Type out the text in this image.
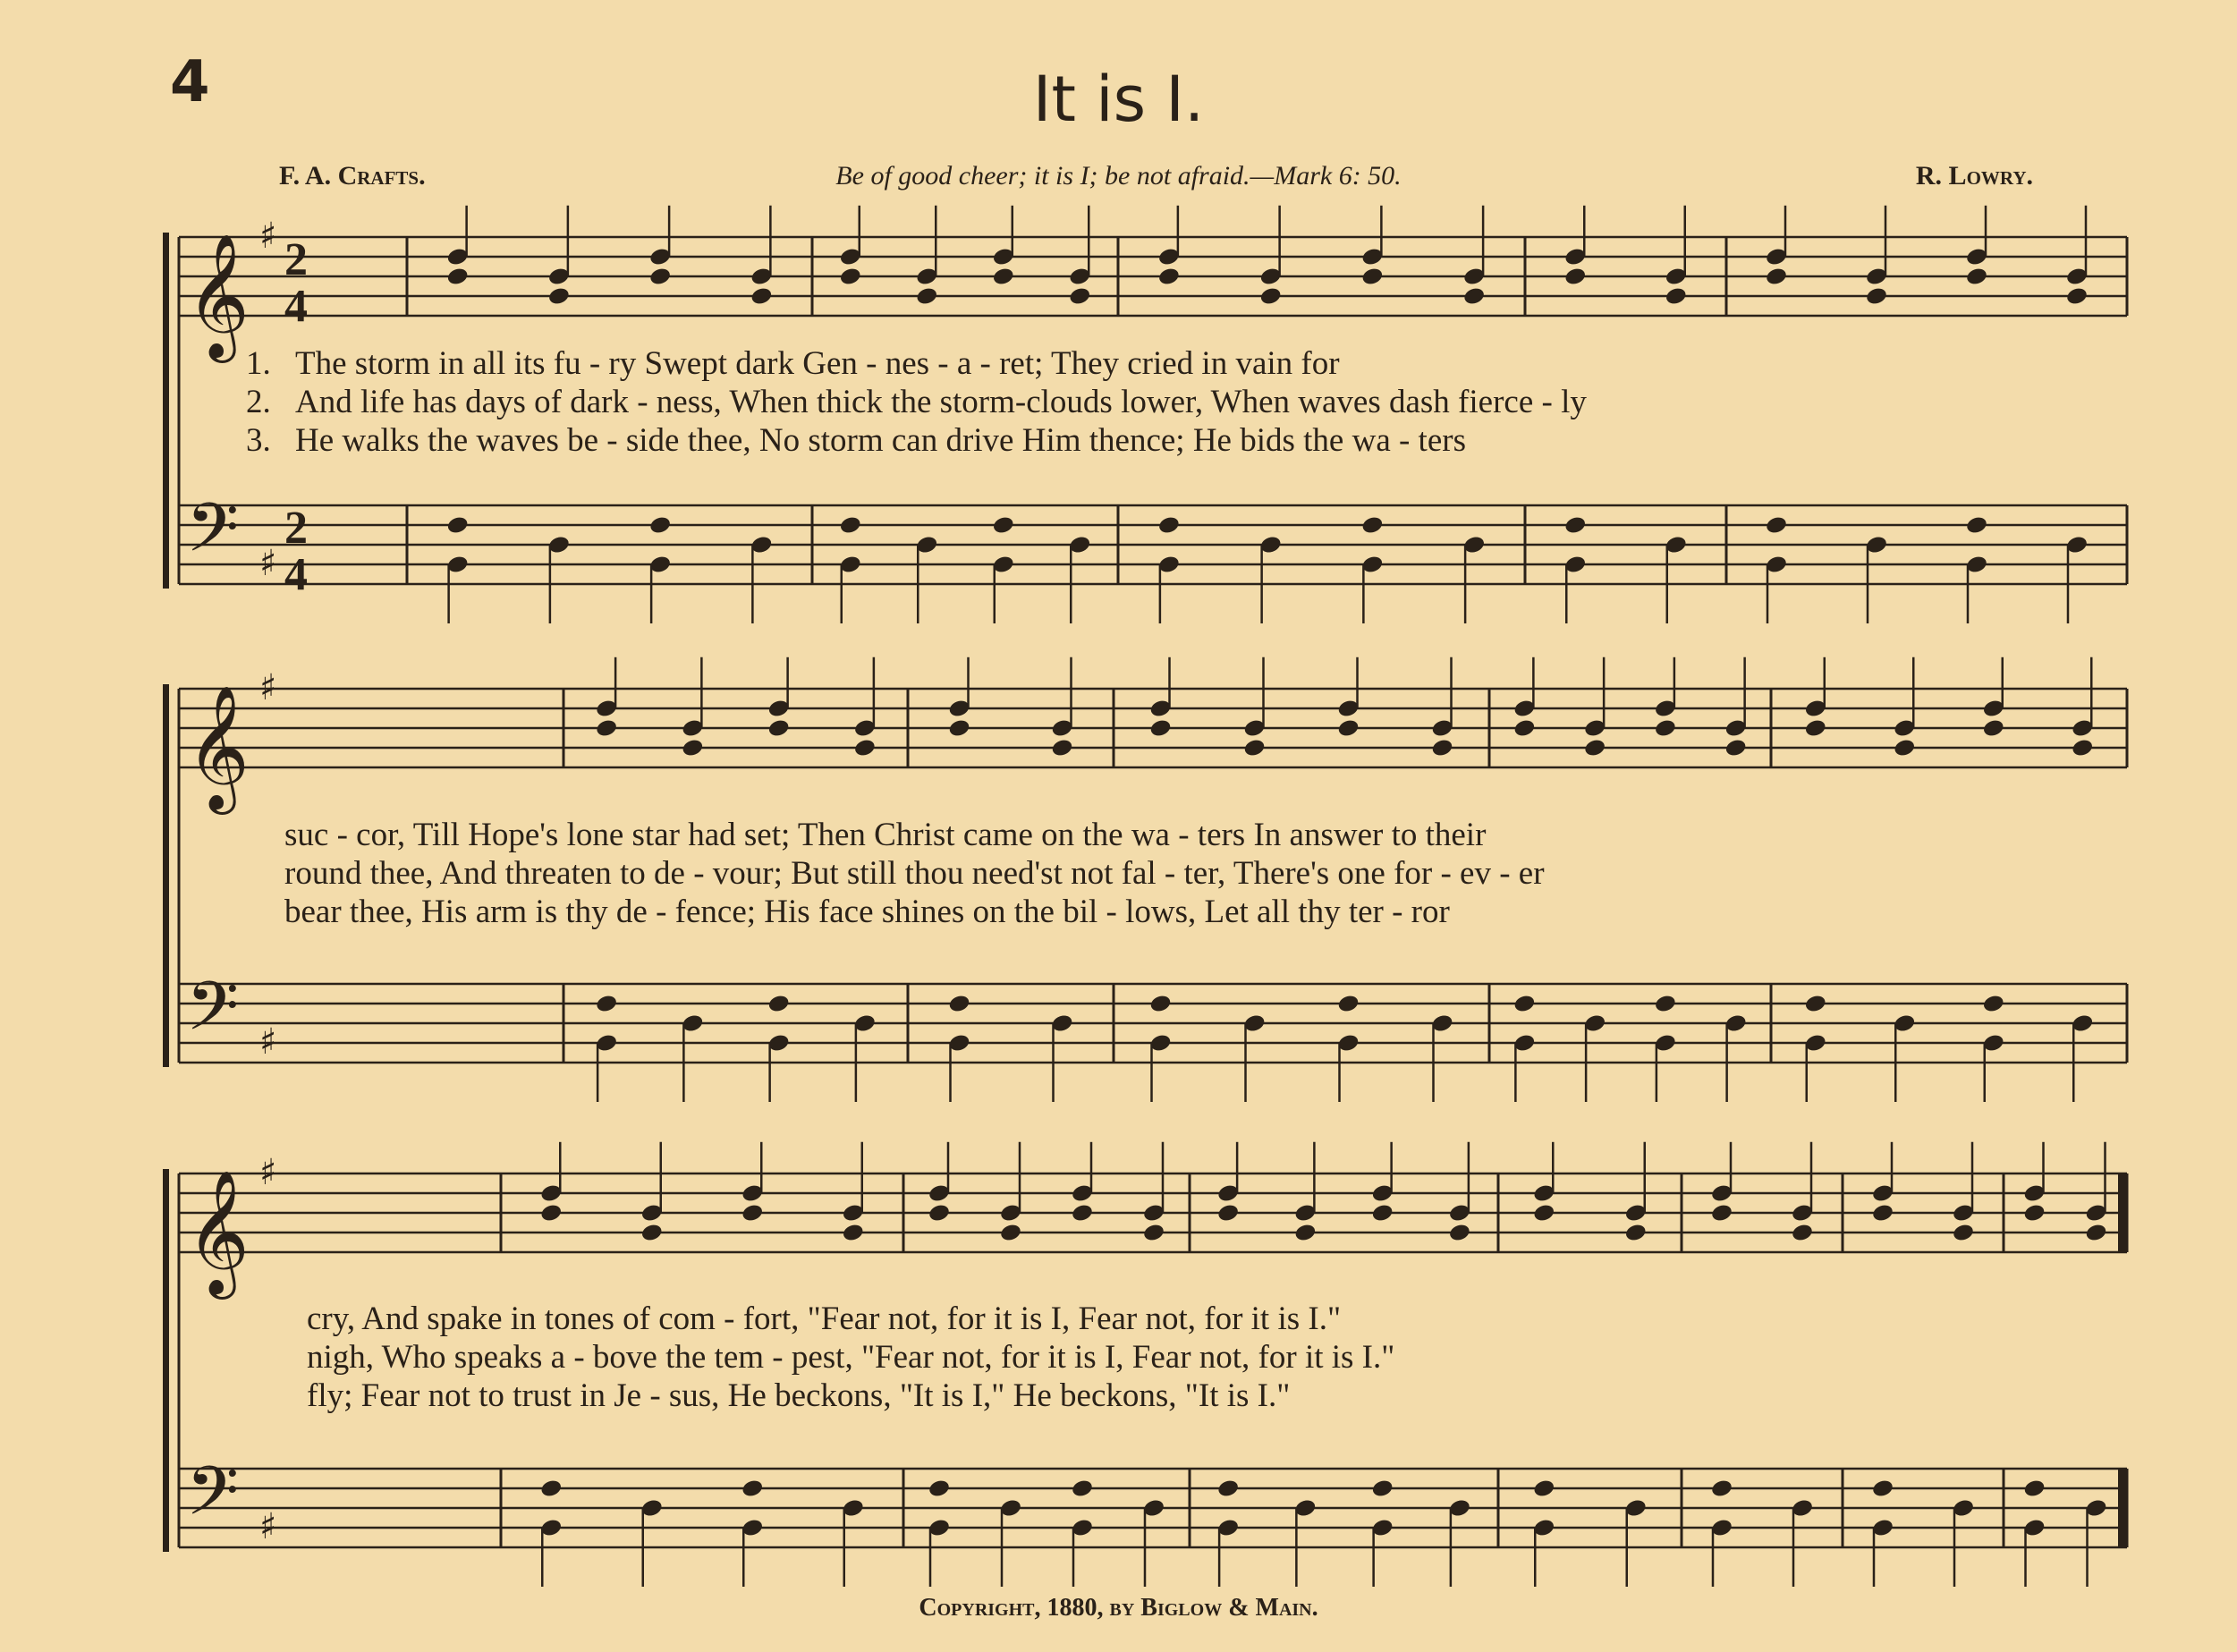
4	It is I.
F. A. Crafts.	Be of good cheer; it is I; be not afraid.—Mark 6: 50.	R. Lowry.
𝄞
𝄢
♯
♯
2
4
2
4
𝄞
𝄢
♯
♯
𝄞
𝄢
♯
♯
1. The storm in all its fu - ry Swept dark Gen - nes - a - ret; They cried in vain for
2. And life has days of dark - ness, When thick the storm-clouds lower, When waves dash fierce - ly
3. He walks the waves be - side thee, No storm can drive Him thence; He bids the wa - ters
suc - cor, Till Hope's lone star had set; Then Christ came on the wa - ters In answer to their
round thee, And threaten to de - vour; But still thou need'st not fal - ter, There's one for - ev - er
bear thee, His arm is thy de - fence; His face shines on the bil - lows, Let all thy ter - ror
cry, And spake in tones of com - fort, "Fear not, for it is I, Fear not, for it is I."
nigh, Who speaks a - bove the tem - pest, "Fear not, for it is I, Fear not, for it is I."
fly; Fear not to trust in Je - sus, He beckons, "It is I," He beckons, "It is I."
Copyright, 1880, by Biglow & Main.
